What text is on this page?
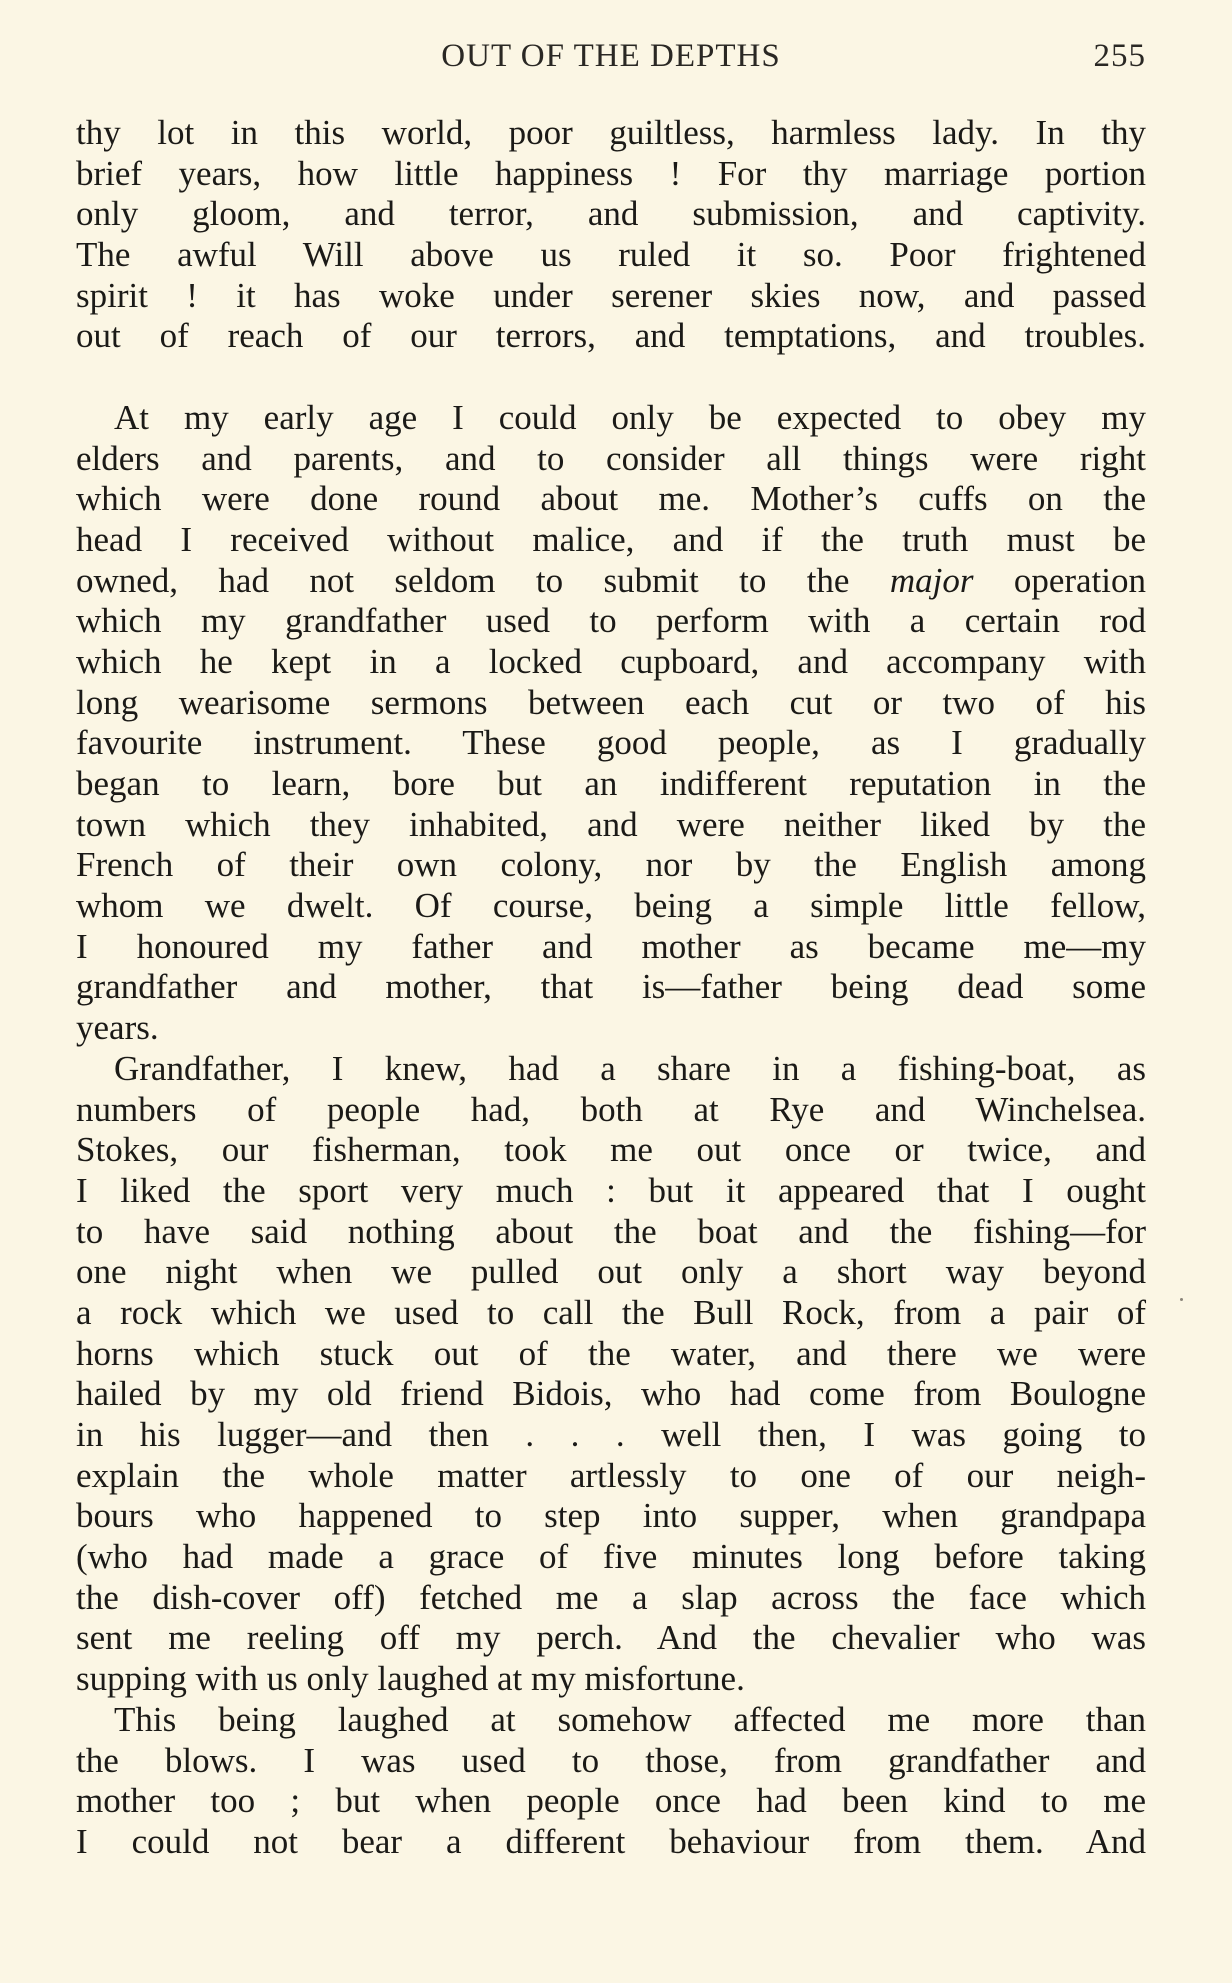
OUT OF THE DEPTHS	255
thy lot in this world, poor guiltless, harmless lady. In thy
brief years, how little happiness ! For thy marriage portion
only gloom, and terror, and submission, and captivity.
The awful Will above us ruled it so. Poor frightened
spirit ! it has woke under serener skies now, and passed
out of reach of our terrors, and temptations, and troubles.
At my early age I could only be expected to obey my
elders and parents, and to consider all things were right
which were done round about me. Mother’s cuffs on the
head I received without malice, and if the truth must be
owned, had not seldom to submit to the major operation
which my grandfather used to perform with a certain rod
which he kept in a locked cupboard, and accompany with
long wearisome sermons between each cut or two of his
favourite instrument. These good people, as I gradually
began to learn, bore but an indifferent reputation in the
town which they inhabited, and were neither liked by the
French of their own colony, nor by the English among
whom we dwelt. Of course, being a simple little fellow,
I honoured my father and mother as became me—my
grandfather and mother, that is—father being dead some
years.
Grandfather, I knew, had a share in a fishing-boat, as
numbers of people had, both at Rye and Winchelsea.
Stokes, our fisherman, took me out once or twice, and
I liked the sport very much : but it appeared that I ought
to have said nothing about the boat and the fishing—for
one night when we pulled out only a short way beyond
a rock which we used to call the Bull Rock, from a pair of
horns which stuck out of the water, and there we were
hailed by my old friend Bidois, who had come from Boulogne
in his lugger—and then . . . well then, I was going to
explain the whole matter artlessly to one of our neigh-
bours who happened to step into supper, when grandpapa
(who had made a grace of five minutes long before taking
the dish-cover off) fetched me a slap across the face which
sent me reeling off my perch. And the chevalier who was
supping with us only laughed at my misfortune.
This being laughed at somehow affected me more than
the blows. I was used to those, from grandfather and
mother too ; but when people once had been kind to me
I could not bear a different behaviour from them. And
